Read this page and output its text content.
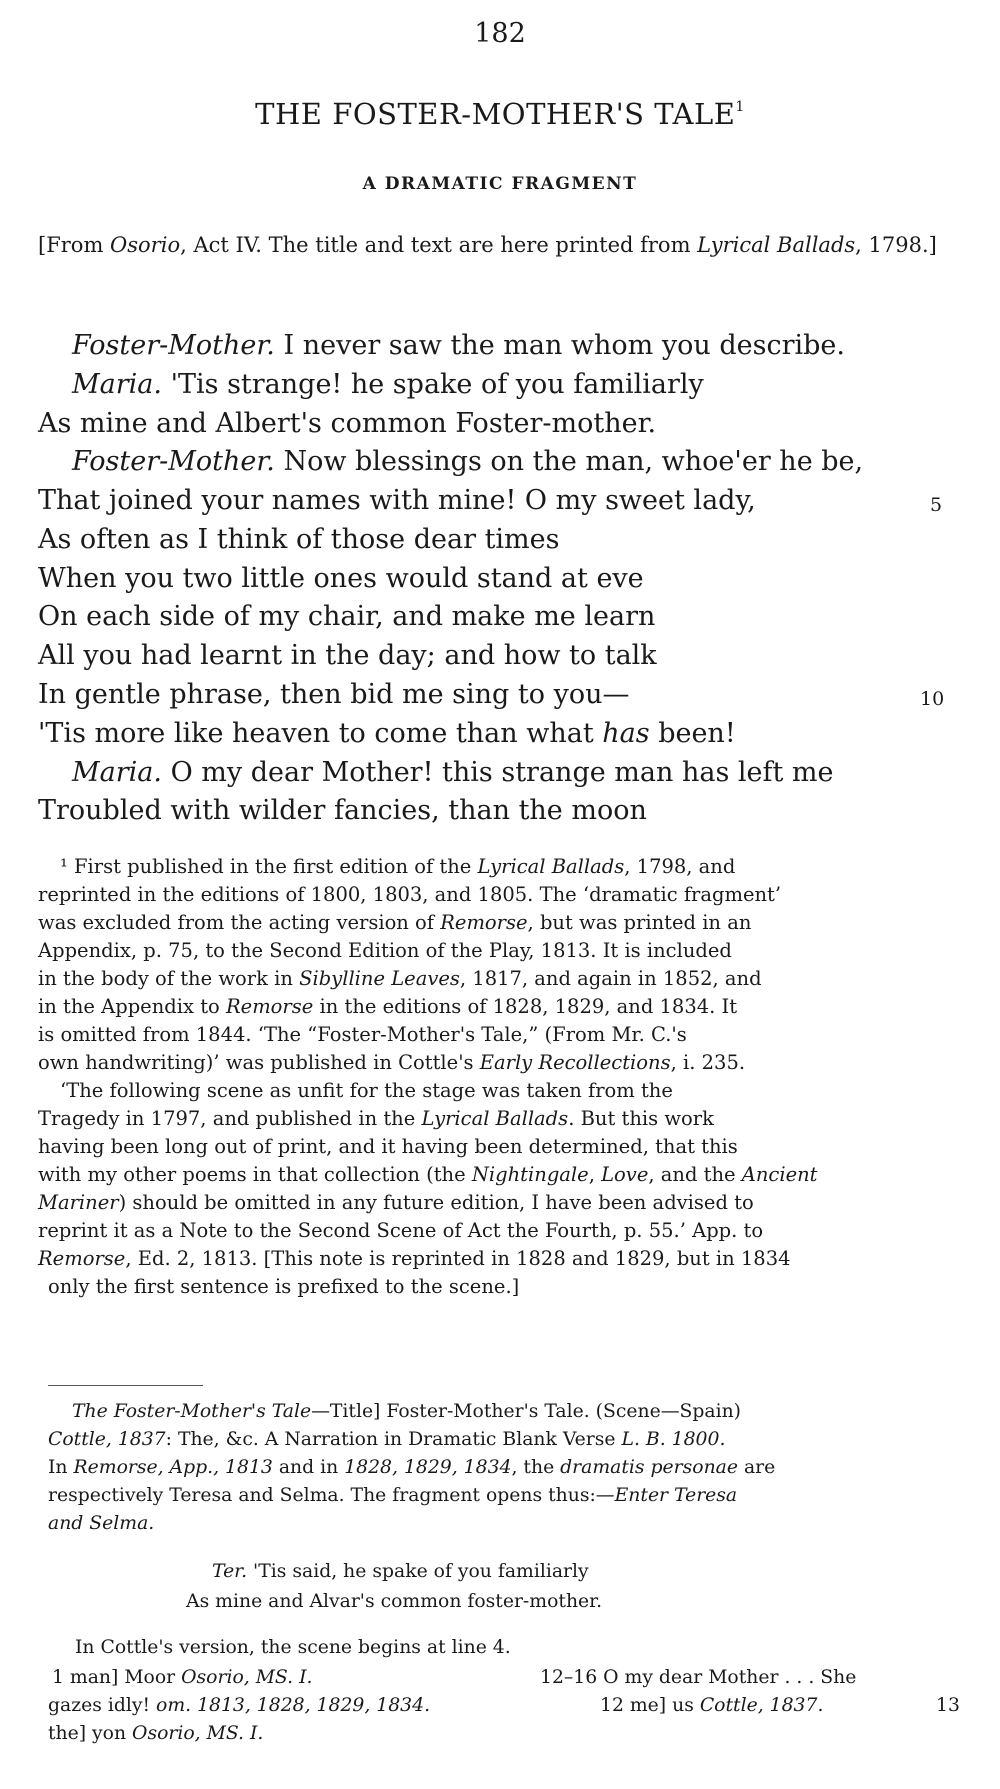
182
THE FOSTER-MOTHER'S TALE$^1$
A DRAMATIC FRAGMENT
[From Osorio, Act IV. The title and text are here printed from Lyrical Ballads, 1798.]
Foster-Mother. I never saw the man whom you describe.
Maria. 'Tis strange! he spake of you familiarly
As mine and Albert's common Foster-mother.
Foster-Mother. Now blessings on the man, whoe'er he be,
That joined your names with mine! O my sweet lady,	5
As often as I think of those dear times
When you two little ones would stand at eve
On each side of my chair, and make me learn
All you had learnt in the day; and how to talk
In gentle phrase, then bid me sing to you—	10
'Tis more like heaven to come than what has been!
Maria. O my dear Mother! this strange man has left me
Troubled with wilder fancies, than the moon
¹ First published in the first edition of the Lyrical Ballads, 1798, and
reprinted in the editions of 1800, 1803, and 1805. The ‘dramatic fragment’
was excluded from the acting version of Remorse, but was printed in an
Appendix, p. 75, to the Second Edition of the Play, 1813. It is included
in the body of the work in Sibylline Leaves, 1817, and again in 1852, and
in the Appendix to Remorse in the editions of 1828, 1829, and 1834. It
is omitted from 1844. ‘The “Foster-Mother's Tale,” (From Mr. C.'s
own handwriting)’ was published in Cottle's Early Recollections, i. 235.
‘The following scene as unfit for the stage was taken from the
Tragedy in 1797, and published in the Lyrical Ballads. But this work
having been long out of print, and it having been determined, that this
with my other poems in that collection (the Nightingale, Love, and the Ancient
Mariner) should be omitted in any future edition, I have been advised to
reprint it as a Note to the Second Scene of Act the Fourth, p. 55.’ App. to
Remorse, Ed. 2, 1813. [This note is reprinted in 1828 and 1829, but in 1834
only the first sentence is prefixed to the scene.]
The Foster-Mother's Tale—Title] Foster-Mother's Tale. (Scene—Spain)
Cottle, 1837: The, &c. A Narration in Dramatic Blank Verse L. B. 1800.
In Remorse, App., 1813 and in 1828, 1829, 1834, the dramatis personae are
respectively Teresa and Selma. The fragment opens thus:—Enter Teresa
and Selma.
Ter. 'Tis said, he spake of you familiarly
As mine and Alvar's common foster-mother.
In Cottle's version, the scene begins at line 4.
1 man] Moor Osorio, MS. I.	12–16 O my dear Mother . . . She
gazes idly! om. 1813, 1828, 1829, 1834.	12 me] us Cottle, 1837.	13
the] yon Osorio, MS. I.
